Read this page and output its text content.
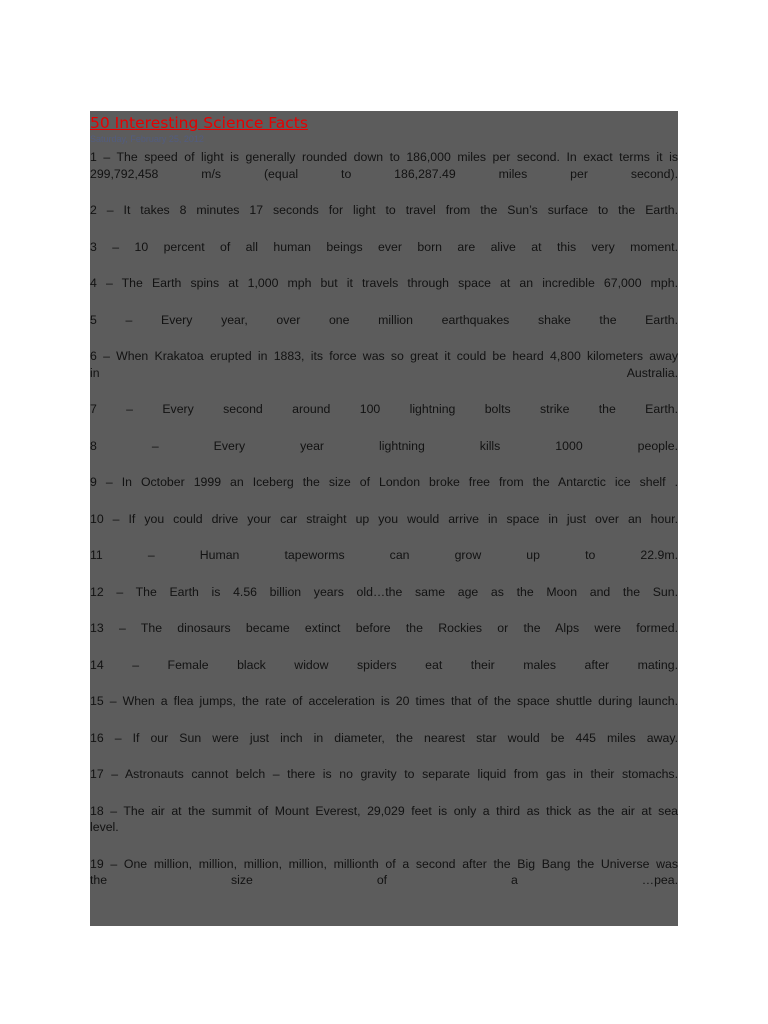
50 Interesting Science Facts
Saturday, February 25, 2012
1 – The speed of light is generally rounded down to 186,000 miles per second. In exact terms it is
299,792,458 m/s (equal to 186,287.49 miles per second).
2 – It takes 8 minutes 17 seconds for light to travel from the Sun’s surface to the Earth.
3 – 10 percent of all human beings ever born are alive at this very moment.
4 – The Earth spins at 1,000 mph but it travels through space at an incredible 67,000 mph.
5 – Every year, over one million earthquakes shake the Earth.
6 – When Krakatoa erupted in 1883, its force was so great it could be heard 4,800 kilometers away
in Australia.
7 – Every second around 100 lightning bolts strike the Earth.
8 – Every year lightning kills 1000 people.
9 – In October 1999 an Iceberg the size of London broke free from the Antarctic ice shelf .
10 – If you could drive your car straight up you would arrive in space in just over an hour.
11 – Human tapeworms can grow up to 22.9m.
12 – The Earth is 4.56 billion years old…the same age as the Moon and the Sun.
13 – The dinosaurs became extinct before the Rockies or the Alps were formed.
14 – Female black widow spiders eat their males after mating.
15 – When a flea jumps, the rate of acceleration is 20 times that of the space shuttle during launch.
16 – If our Sun were just inch in diameter, the nearest star would be 445 miles away.
17 – Astronauts cannot belch – there is no gravity to separate liquid from gas in their stomachs.
18 – The air at the summit of Mount Everest, 29,029 feet is only a third as thick as the air at sea
level.
19 – One million, million, million, million, millionth of a second after the Big Bang the Universe was
the size of a …pea.
